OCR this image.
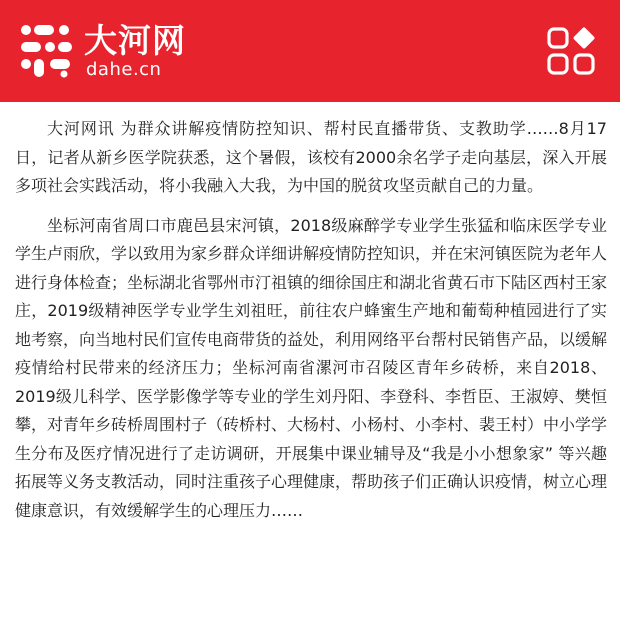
大河网
dahe.cn

大河网讯 为群众讲解疫情防控知识、帮村民直播带货、支教助学……8月17日，记者从新乡医学院获悉，这个暑假，该校有2000余名学子走向基层，深入开展多项社会实践活动，将小我融入大我，为中国的脱贫攻坚贡献自己的力量。

坐标河南省周口市鹿邑县宋河镇，2018级麻醉学专业学生张猛和临床医学专业学生卢雨欣，学以致用为家乡群众详细讲解疫情防控知识，并在宋河镇医院为老年人进行身体检查；坐标湖北省鄂州市汀祖镇的细徐国庄和湖北省黄石市下陆区西村王家庄，2019级精神医学专业学生刘祖旺，前往农户蜂蜜生产地和葡萄种植园进行了实地考察，向当地村民们宣传电商带货的益处，利用网络平台帮村民销售产品，以缓解疫情给村民带来的经济压力；坐标河南省漯河市召陵区青年乡砖桥，来自2018、2019级儿科学、医学影像学等专业的学生刘丹阳、李登科、李哲臣、王淑婷、樊恒攀，对青年乡砖桥周围村子（砖桥村、大杨村、小杨村、小李村、裴王村）中小学学生分布及医疗情况进行了走访调研，开展集中课业辅导及“我是小小想象家” 等兴趣拓展等义务支教活动，同时注重孩子心理健康，帮助孩子们正确认识疫情，树立心理健康意识，有效缓解学生的心理压力……
